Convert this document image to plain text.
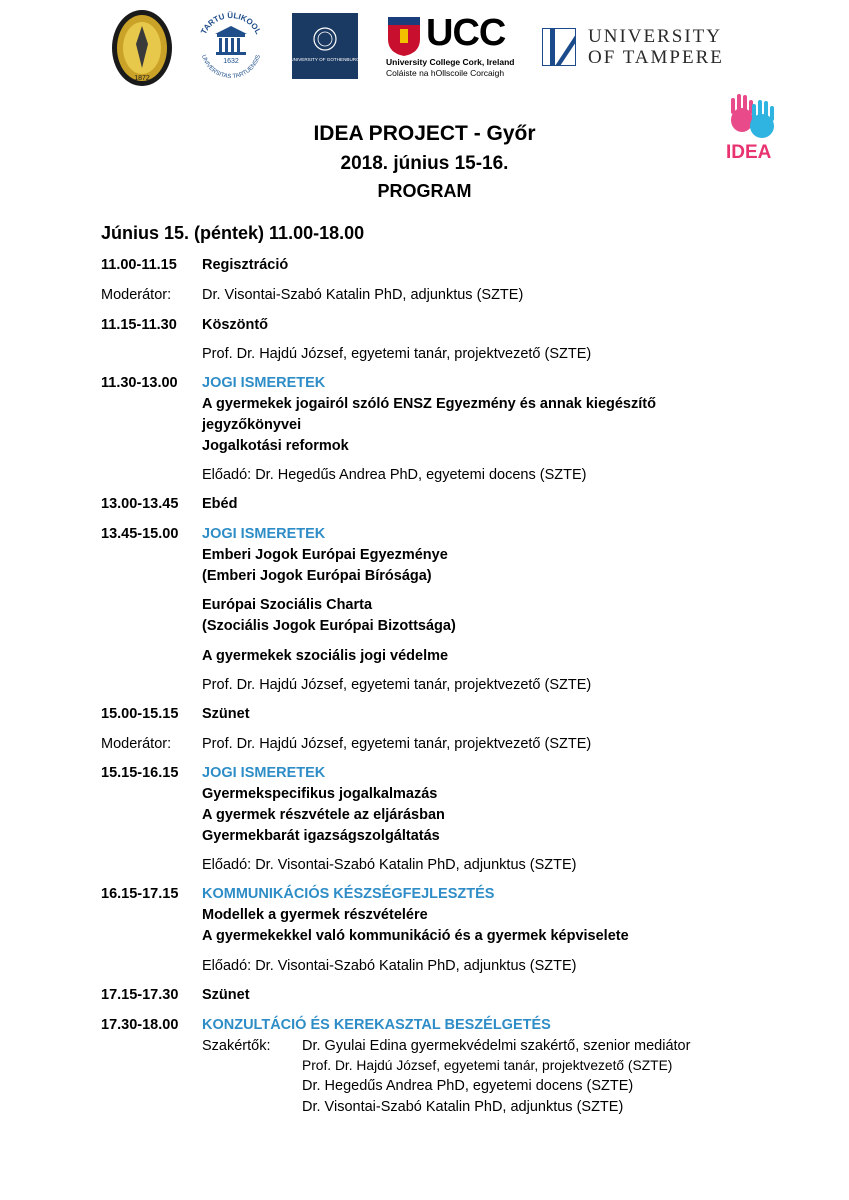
1872
TARTU ÜLIKOOL
UNIVERSITAS TARTUENSIS
1632	UNIVERSITY OF GOTHENBURG
UCC
University College Cork, Ireland
Coláiste na hOllscoile Corcaigh
UNIVERSITY
OF TAMPERE
IDEA
IDEA PROJECT - Győr
2018. június 15-16.
PROGRAM
Június 15. (péntek) 11.00-18.00
11.00-11.15 Regisztráció
Moderátor: Dr. Visontai-Szabó Katalin PhD, adjunktus (SZTE)
11.15-11.30 Köszöntő
Prof. Dr. Hajdú József, egyetemi tanár, projektvezető (SZTE)
11.30-13.00 JOGI ISMERETEK
A gyermekek jogairól szóló ENSZ Egyezmény és annak kiegészítő
jegyzőkönyvei
Jogalkotási reformok
Előadó: Dr. Hegedűs Andrea PhD, egyetemi docens (SZTE)
13.00-13.45 Ebéd
13.45-15.00 JOGI ISMERETEK
Emberi Jogok Európai Egyezménye
(Emberi Jogok Európai Bírósága)
Európai Szociális Charta
(Szociális Jogok Európai Bizottsága)
A gyermekek szociális jogi védelme
Prof. Dr. Hajdú József, egyetemi tanár, projektvezető (SZTE)
15.00-15.15 Szünet
Moderátor: Prof. Dr. Hajdú József, egyetemi tanár, projektvezető (SZTE)
15.15-16.15 JOGI ISMERETEK
Gyermekspecifikus jogalkalmazás
A gyermek részvétele az eljárásban
Gyermekbarát igazságszolgáltatás
Előadó: Dr. Visontai-Szabó Katalin PhD, adjunktus (SZTE)
16.15-17.15 KOMMUNIKÁCIÓS KÉSZSÉGFEJLESZTÉS
Modellek a gyermek részvételére
A gyermekekkel való kommunikáció és a gyermek képviselete
Előadó: Dr. Visontai-Szabó Katalin PhD, adjunktus (SZTE)
17.15-17.30 Szünet
17.30-18.00 KONZULTÁCIÓ ÉS KEREKASZTAL BESZÉLGETÉS
Szakértők: Dr. Gyulai Edina gyermekvédelmi szakértő, szenior mediátor
Prof. Dr. Hajdú József, egyetemi tanár, projektvezető (SZTE)
Dr. Hegedűs Andrea PhD, egyetemi docens (SZTE)
Dr. Visontai-Szabó Katalin PhD, adjunktus (SZTE)
